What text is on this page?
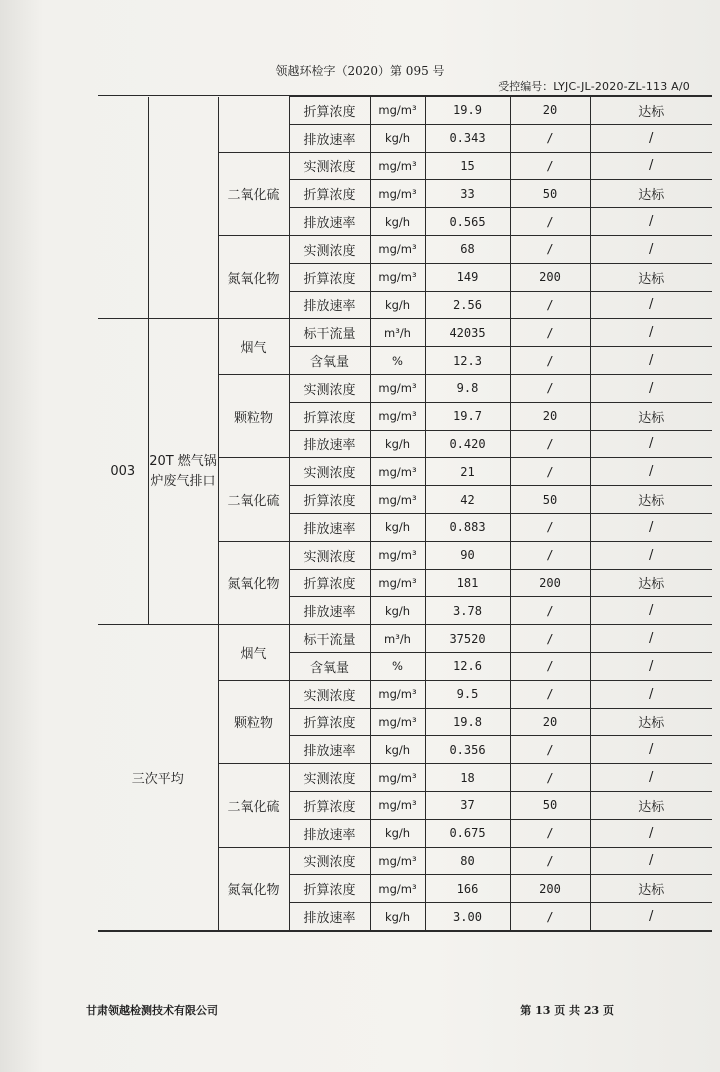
领越环检字（2020）第 095 号
受控编号：LYJC-JL-2020-ZL-113 A/0
			折算浓度	mg/m³	19.9	20	达标
			排放速率	kg/h	0.343	/	/
		二氧化硫	实测浓度	mg/m³	15	/	/
			折算浓度	mg/m³	33	50	达标
			排放速率	kg/h	0.565	/	/
		氮氧化物	实测浓度	mg/m³	68	/	/
			折算浓度	mg/m³	149	200	达标
			排放速率	kg/h	2.56	/	/
003	20T 燃气锅炉废气排口	烟气	标干流量	m³/h	42035	/	/
			含氧量	%	12.3	/	/
		颗粒物	实测浓度	mg/m³	9.8	/	/
			折算浓度	mg/m³	19.7	20	达标
			排放速率	kg/h	0.420	/	/
		二氧化硫	实测浓度	mg/m³	21	/	/
			折算浓度	mg/m³	42	50	达标
			排放速率	kg/h	0.883	/	/
		氮氧化物	实测浓度	mg/m³	90	/	/
			折算浓度	mg/m³	181	200	达标
			排放速率	kg/h	3.78	/	/
三次平均		烟气	标干流量	m³/h	37520	/	/
			含氧量	%	12.6	/	/
		颗粒物	实测浓度	mg/m³	9.5	/	/
			折算浓度	mg/m³	19.8	20	达标
			排放速率	kg/h	0.356	/	/
		二氧化硫	实测浓度	mg/m³	18	/	/
			折算浓度	mg/m³	37	50	达标
			排放速率	kg/h	0.675	/	/
		氮氧化物	实测浓度	mg/m³	80	/	/
			折算浓度	mg/m³	166	200	达标
			排放速率	kg/h	3.00	/	/
甘肃领越检测技术有限公司	第 13 页 共 23 页
